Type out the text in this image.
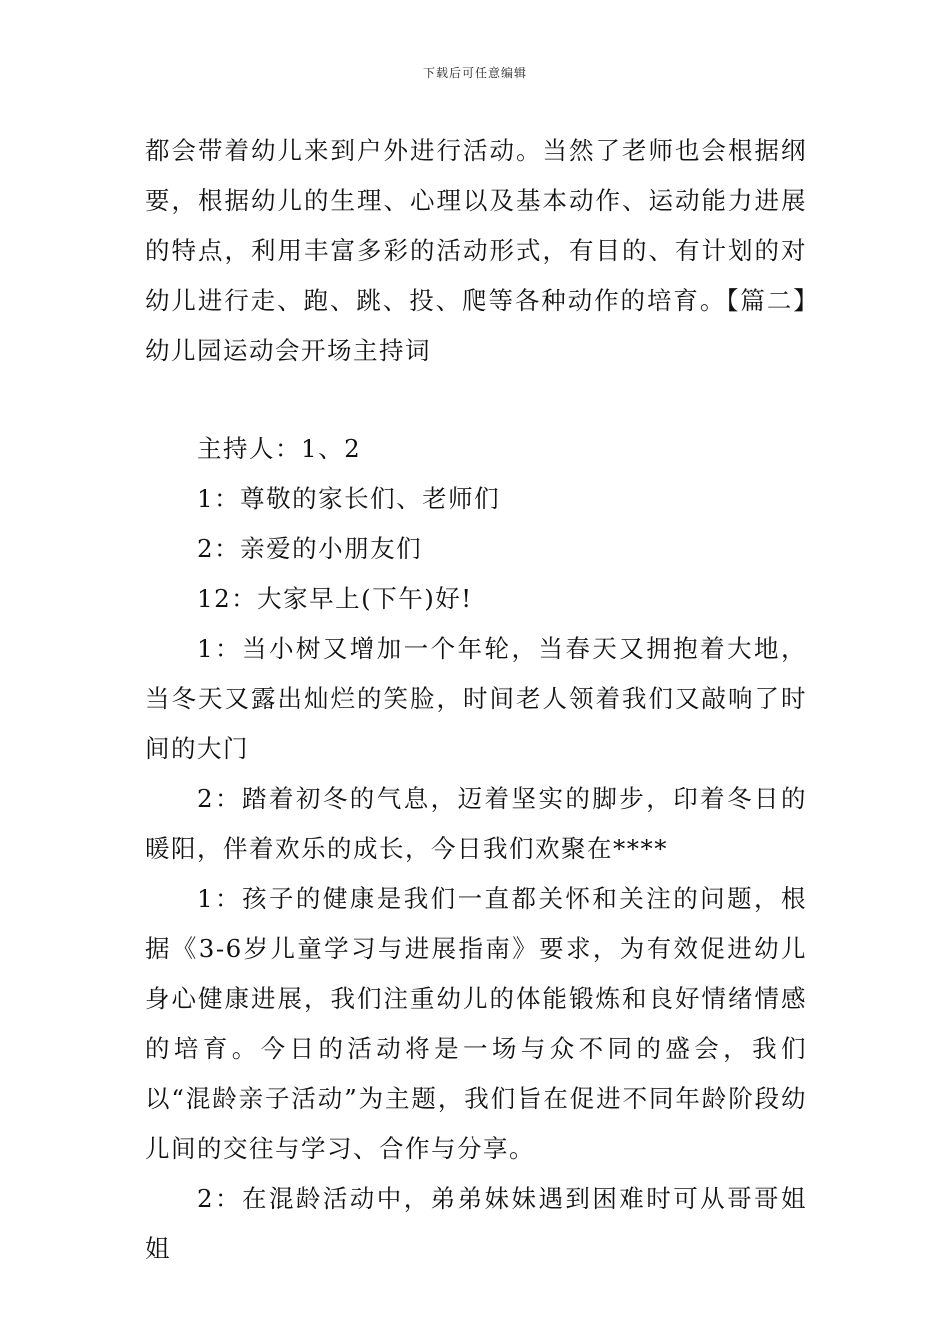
下载后可任意编辑

都会带着幼儿来到户外进行活动。当然了老师也会根据纲要，根据幼儿的生理、心理以及基本动作、运动能力进展的特点，利用丰富多彩的活动形式，有目的、有计划的对幼儿进行走、跑、跳、投、爬等各种动作的培育。【篇二】幼儿园运动会开场主持词

主持人：1、2

1：尊敬的家长们、老师们

2：亲爱的小朋友们

12：大家早上(下午)好!

1：当小树又增加一个年轮，当春天又拥抱着大地，当冬天又露出灿烂的笑脸，时间老人领着我们又敲响了时间的大门

2：踏着初冬的气息，迈着坚实的脚步，印着冬日的暖阳，伴着欢乐的成长，今日我们欢聚在****

1：孩子的健康是我们一直都关怀和关注的问题，根据《3-6岁儿童学习与进展指南》要求，为有效促进幼儿身心健康进展，我们注重幼儿的体能锻炼和良好情绪情感的培育。今日的活动将是一场与众不同的盛会，我们以“混龄亲子活动”为主题，我们旨在促进不同年龄阶段幼儿间的交往与学习、合作与分享。

2：在混龄活动中，弟弟妹妹遇到困难时可从哥哥姐姐
